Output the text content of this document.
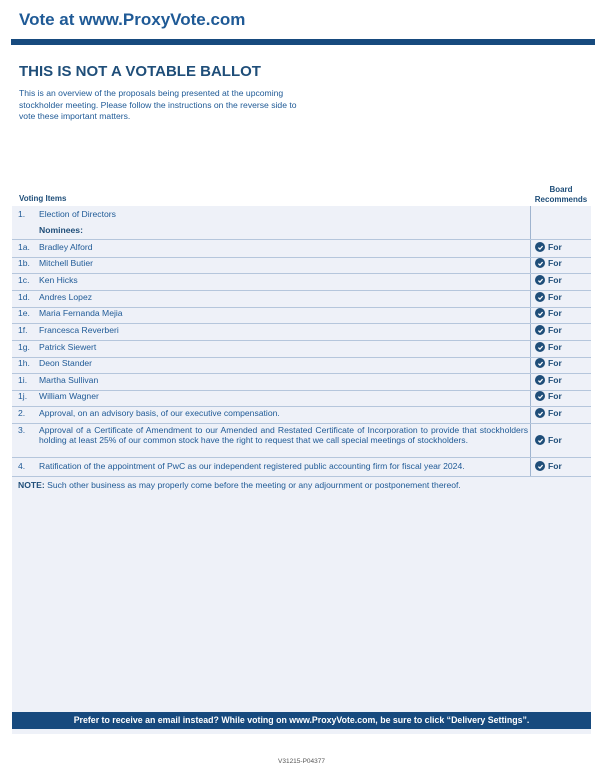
Vote at www.ProxyVote.com
THIS IS NOT A VOTABLE BALLOT
This is an overview of the proposals being presented at the upcoming stockholder meeting. Please follow the instructions on the reverse side to vote these important matters.
Voting Items
Board Recommends
1. Election of Directors
Nominees:
1a. Bradley Alford	For
1b. Mitchell Butier	For
1c. Ken Hicks	For
1d. Andres Lopez	For
1e. Maria Fernanda Mejia	For
1f. Francesca Reverberi	For
1g. Patrick Siewert	For
1h. Deon Stander	For
1i. Martha Sullivan	For
1j. William Wagner	For
2. Approval, on an advisory basis, of our executive compensation.	For
3. Approval of a Certificate of Amendment to our Amended and Restated Certificate of Incorporation to provide that stockholders holding at least 25% of our common stock have the right to request that we call special meetings of stockholders.	For
4. Ratification of the appointment of PwC as our independent registered public accounting firm for fiscal year 2024.	For
NOTE: Such other business as may properly come before the meeting or any adjournment or postponement thereof.
Prefer to receive an email instead? While voting on www.ProxyVote.com, be sure to click “Delivery Settings”.
V31215-P04377
